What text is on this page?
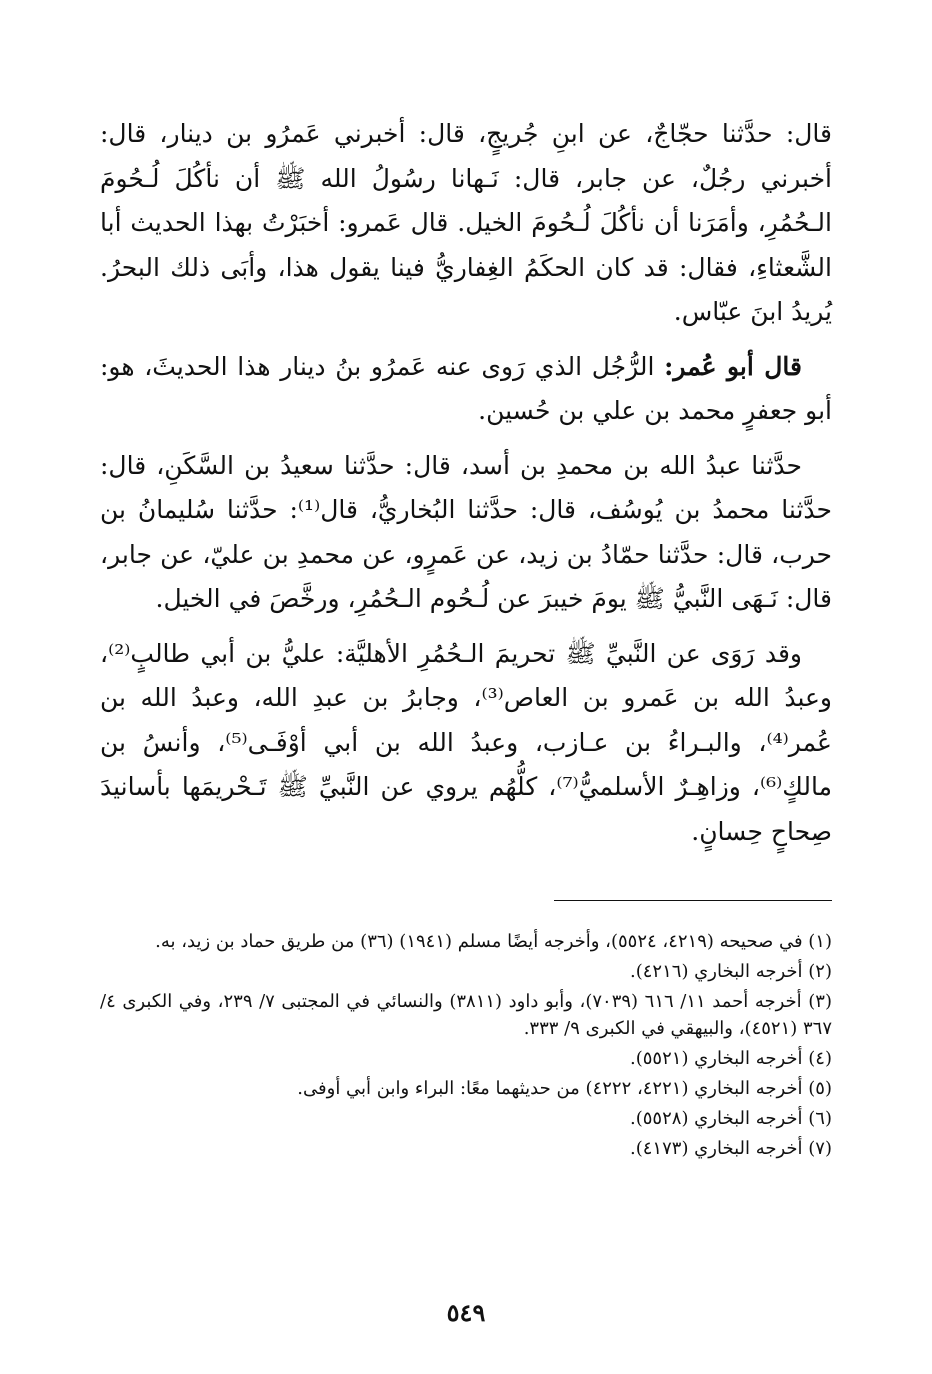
قال: حدَّثنا حجّاجٌ، عن ابنِ جُريجٍ، قال: أخبرني عَمرُو بن دينار، قال: أخبرني رجُلٌ، عن جابر، قال: نَـهانا رسُولُ الله ﷺ أن نأكُلَ لُـحُومَ الـحُمُرِ، وأمَرَنا أن نأكُلَ لُـحُومَ الخيل. قال عَمرو: أخبَرْتُ بهذا الحديث أبا الشَّعثاءِ، فقال: قد كان الحكَمُ الغِفاريُّ فينا يقول هذا، وأبَى ذلك البحرُ. يُريدُ ابنَ عبّاس.

قال أبو عُمر: الرُّجُل الذي رَوى عنه عَمرُو بنُ دينار هذا الحديثَ، هو: أبو جعفرٍ محمد بن علي بن حُسين.

حدَّثنا عبدُ الله بن محمدِ بن أسد، قال: حدَّثنا سعيدُ بن السَّكَنِ، قال: حدَّثنا محمدُ بن يُوسُف، قال: حدَّثنا البُخاريُّ، قال⁽¹⁾: حدَّثنا سُليمانُ بن حرب، قال: حدَّثنا حمّادُ بن زيد، عن عَمرٍو، عن محمدِ بن عليّ، عن جابر، قال: نَـهَى النَّبيُّ ﷺ يومَ خيبرَ عن لُـحُوم الـحُمُرِ، ورخَّصَ في الخيل.

وقد رَوَى عن النَّبيِّ ﷺ تحريمَ الـحُمُرِ الأهليَّة: عليُّ بن أبي طالبٍ⁽²⁾، وعبدُ الله بن عَمرو بن العاص⁽³⁾، وجابرُ بن عبدِ الله، وعبدُ الله بن عُمر⁽⁴⁾، والبـراءُ بن عـازب، وعبدُ الله بن أبي أوْفَـى⁽⁵⁾، وأنسُ بن مالكٍ⁽⁶⁾، وزاهِـرٌ الأسلميُّ⁽⁷⁾، كلُّهُم يروي عن النَّبيِّ ﷺ تَـحْريمَها بأسانيدَ صِحاحٍ حِسانٍ.

(١) في صحيحه (٤٢١٩، ٥٥٢٤)، وأخرجه أيضًا مسلم (١٩٤١) (٣٦) من طريق حماد بن زيد، به.

(٢) أخرجه البخاري (٤٢١٦).

(٣) أخرجه أحمد ١١/ ٦١٦ (٧٠٣٩)، وأبو داود (٣٨١١) والنسائي في المجتبى ٧/ ٢٣٩، وفي الكبرى ٤/ ٣٦٧ (٤٥٢١)، والبيهقي في الكبرى ٩/ ٣٣٣.

(٤) أخرجه البخاري (٥٥٢١).

(٥) أخرجه البخاري (٤٢٢١، ٤٢٢٢) من حديثهما معًا: البراء وابن أبي أوفى.

(٦) أخرجه البخاري (٥٥٢٨).

(٧) أخرجه البخاري (٤١٧٣).

٥٤٩
